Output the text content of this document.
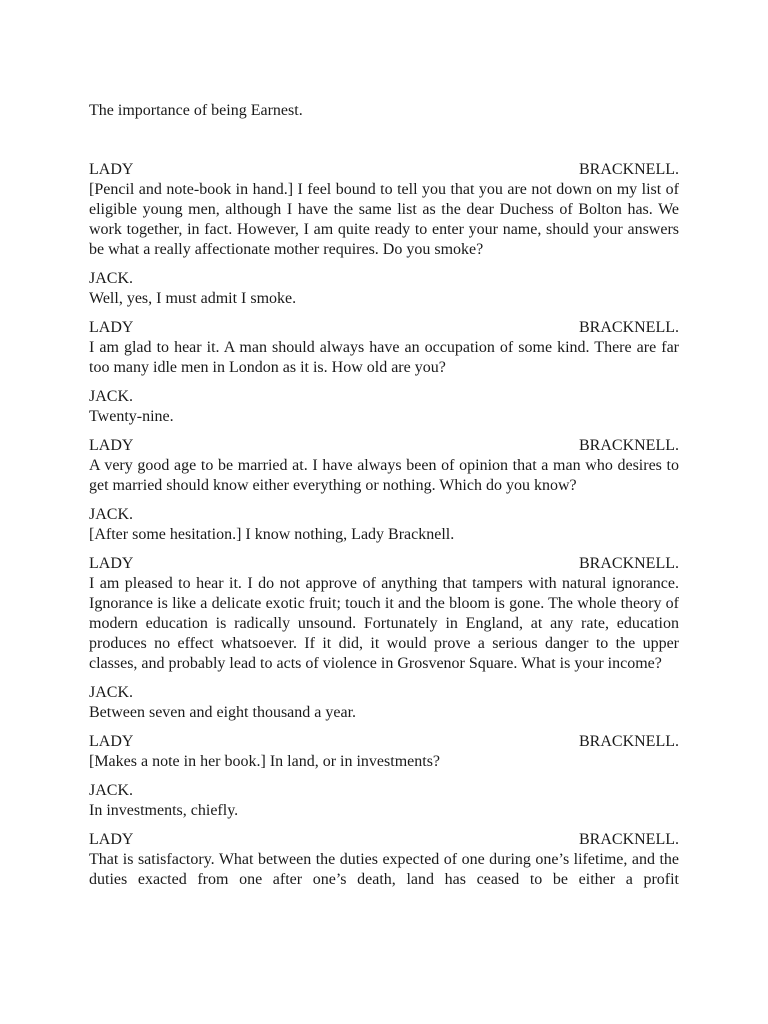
The importance of being Earnest.

LADY	BRACKNELL.

[Pencil and note-book in hand.] I feel bound to tell you that you are not down on my list of eligible young men, although I have the same list as the dear Duchess of Bolton has. We work together, in fact. However, I am quite ready to enter your name, should your answers be what a really affectionate mother requires. Do you smoke?

JACK.

Well, yes, I must admit I smoke.

LADY	BRACKNELL.

I am glad to hear it. A man should always have an occupation of some kind. There are far too many idle men in London as it is. How old are you?

JACK.

Twenty-nine.

LADY	BRACKNELL.

A very good age to be married at. I have always been of opinion that a man who desires to get married should know either everything or nothing. Which do you know?

JACK.

[After some hesitation.] I know nothing, Lady Bracknell.

LADY	BRACKNELL.

I am pleased to hear it. I do not approve of anything that tampers with natural ignorance. Ignorance is like a delicate exotic fruit; touch it and the bloom is gone. The whole theory of modern education is radically unsound. Fortunately in England, at any rate, education produces no effect whatsoever. If it did, it would prove a serious danger to the upper classes, and probably lead to acts of violence in Grosvenor Square. What is your income?

JACK.

Between seven and eight thousand a year.

LADY	BRACKNELL.

[Makes a note in her book.] In land, or in investments?

JACK.

In investments, chiefly.

LADY	BRACKNELL.

That is satisfactory. What between the duties expected of one during one’s lifetime, and the duties exacted from one after one’s death, land has ceased to be either a profit
